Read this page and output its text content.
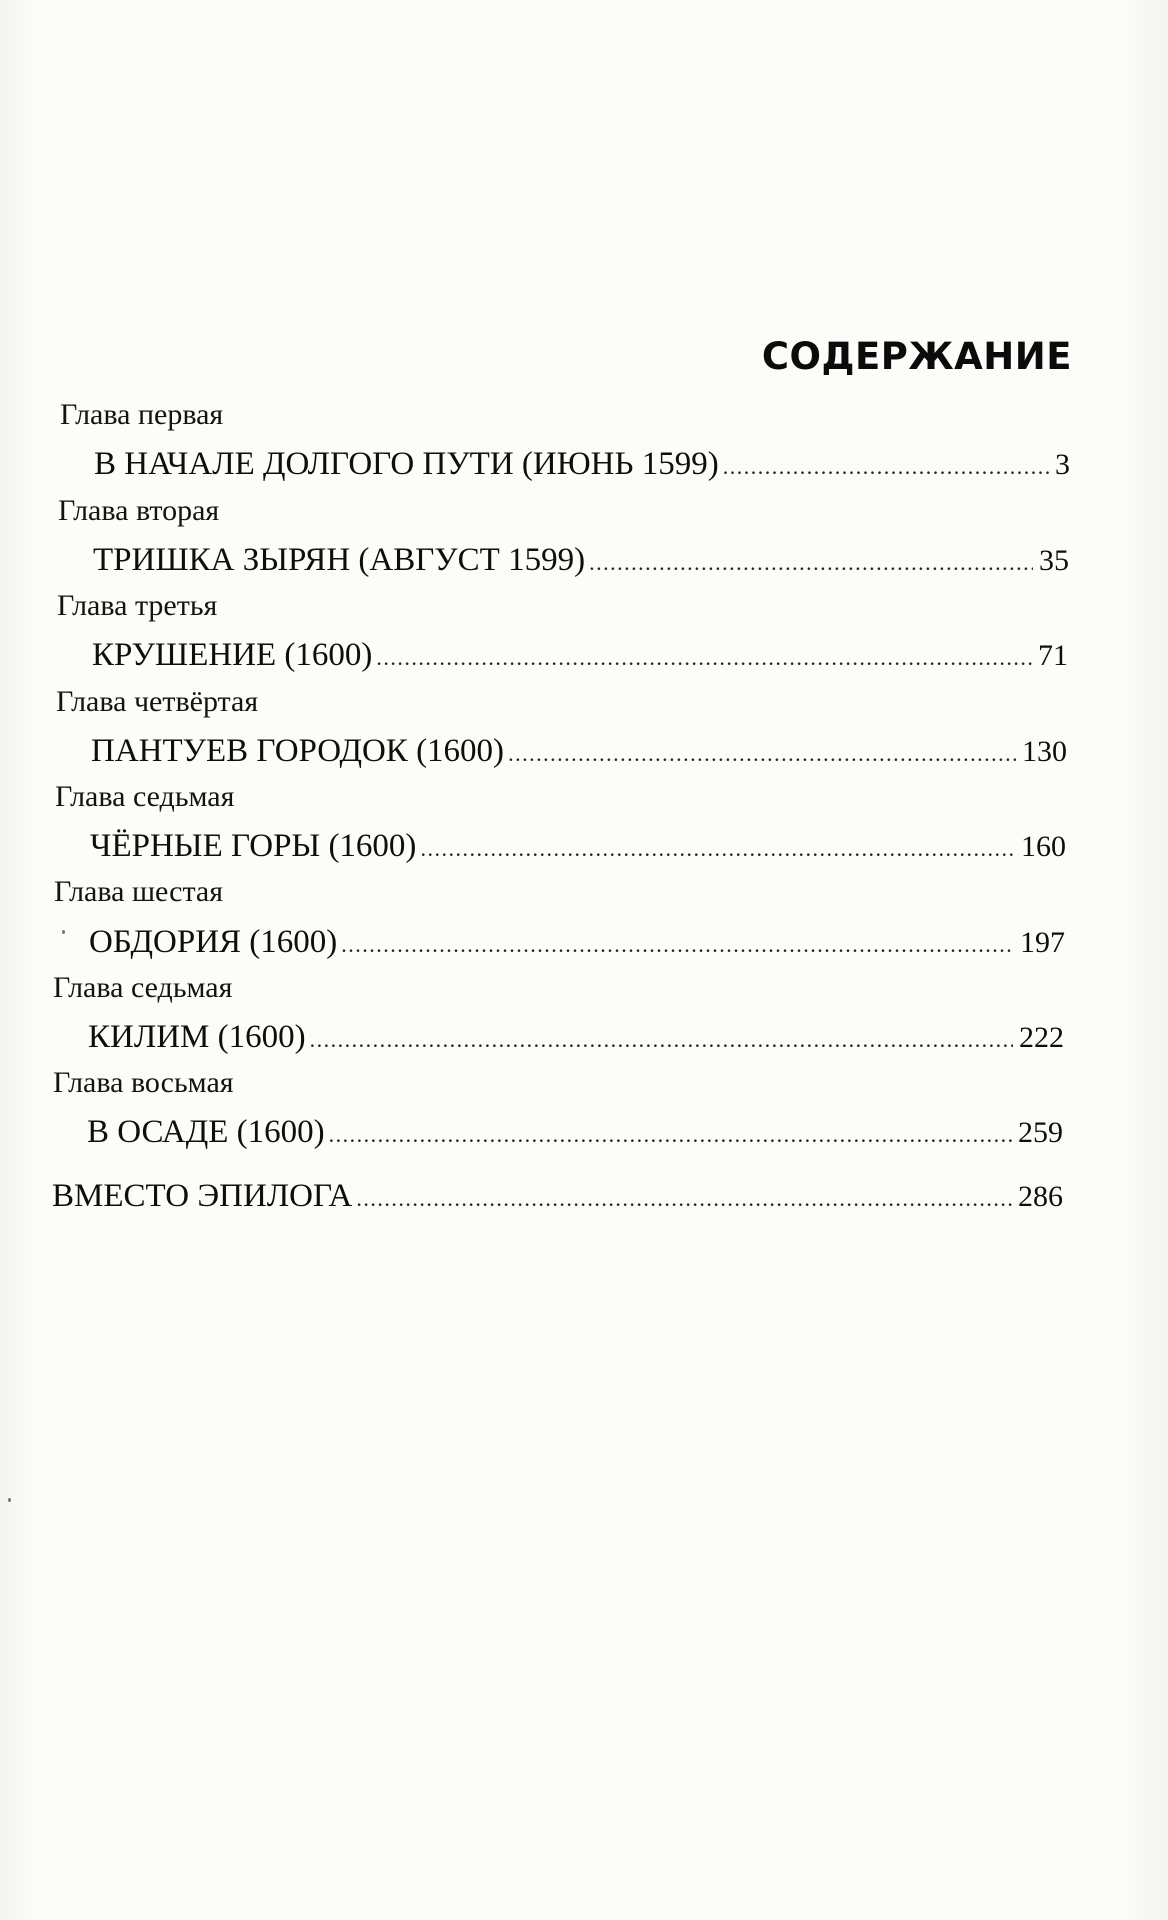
СОДЕРЖАНИЕ
Глава первая
В НАЧАЛЕ ДОЛГОГО ПУТИ (ИЮНЬ 1599) .....	3
Глава вторая
ТРИШКА ЗЫРЯН (АВГУСТ 1599) .....	35
Глава третья
КРУШЕНИЕ (1600) .....	71
Глава четвёртая
ПАНТУЕВ ГОРОДОК (1600) .....	130
Глава седьмая
ЧЁРНЫЕ ГОРЫ (1600) .....	160
Глава шестая
ОБДОРИЯ (1600) .....	197
Глава седьмая
КИЛИМ (1600) .....	222
Глава восьмая
В ОСАДЕ (1600) .....	259
ВМЕСТО ЭПИЛОГА .....	286
